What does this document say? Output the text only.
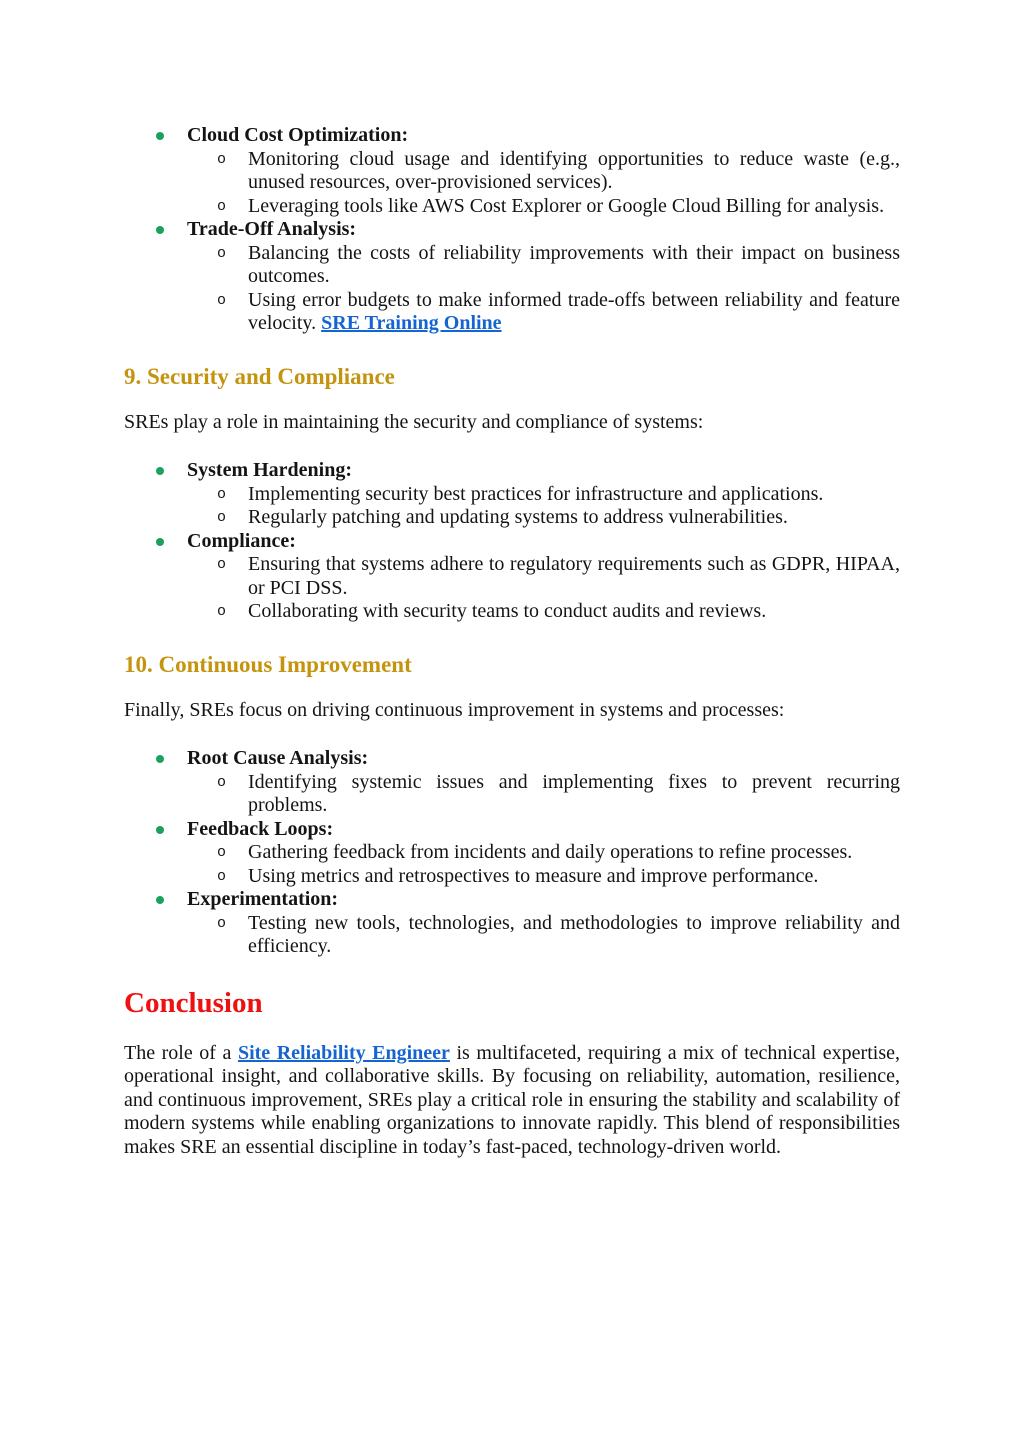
Cloud Cost Optimization:
o Monitoring cloud usage and identifying opportunities to reduce waste (e.g., unused resources, over-provisioned services).
o Leveraging tools like AWS Cost Explorer or Google Cloud Billing for analysis.
Trade-Off Analysis:
o Balancing the costs of reliability improvements with their impact on business outcomes.
o Using error budgets to make informed trade-offs between reliability and feature velocity. SRE Training Online
9. Security and Compliance

SREs play a role in maintaining the security and compliance of systems:

System Hardening:
o Implementing security best practices for infrastructure and applications.
o Regularly patching and updating systems to address vulnerabilities.
Compliance:
o Ensuring that systems adhere to regulatory requirements such as GDPR, HIPAA, or PCI DSS.
o Collaborating with security teams to conduct audits and reviews.
10. Continuous Improvement

Finally, SREs focus on driving continuous improvement in systems and processes:

Root Cause Analysis:
o Identifying systemic issues and implementing fixes to prevent recurring problems.
Feedback Loops:
o Gathering feedback from incidents and daily operations to refine processes.
o Using metrics and retrospectives to measure and improve performance.
Experimentation:
o Testing new tools, technologies, and methodologies to improve reliability and efficiency.
Conclusion

The role of a Site Reliability Engineer is multifaceted, requiring a mix of technical expertise, operational insight, and collaborative skills. By focusing on reliability, automation, resilience, and continuous improvement, SREs play a critical role in ensuring the stability and scalability of modern systems while enabling organizations to innovate rapidly. This blend of responsibilities makes SRE an essential discipline in today’s fast-paced, technology-driven world.
